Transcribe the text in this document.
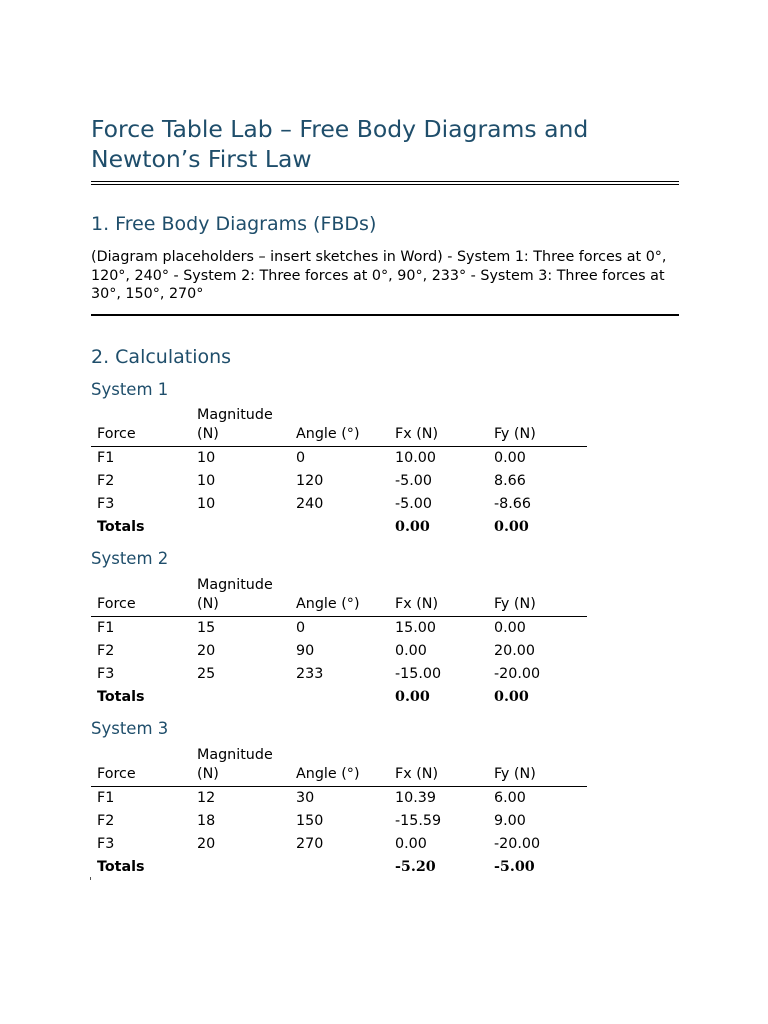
Force Table Lab – Free Body Diagrams and Newton’s First Law
1. Free Body Diagrams (FBDs)

(Diagram placeholders – insert sketches in Word) - System 1: Three forces at 0°, 120°, 240° - System 2: Three forces at 0°, 90°, 233° - System 3: Three forces at 30°, 150°, 270°

2. Calculations
System 1
Force	Magnitude (N)	Angle (°)	Fx (N)	Fy (N)
F1	10	0	10.00	0.00
F2	10	120	-5.00	8.66
F3	10	240	-5.00	-8.66
Totals			0.00	0.00
System 2
Force	Magnitude (N)	Angle (°)	Fx (N)	Fy (N)
F1	15	0	15.00	0.00
F2	20	90	0.00	20.00
F3	25	233	-15.00	-20.00
Totals			0.00	0.00
System 3
Force	Magnitude (N)	Angle (°)	Fx (N)	Fy (N)
F1	12	30	10.39	6.00
F2	18	150	-15.59	9.00
F3	20	270	0.00	-20.00
Totals			-5.20	-5.00
